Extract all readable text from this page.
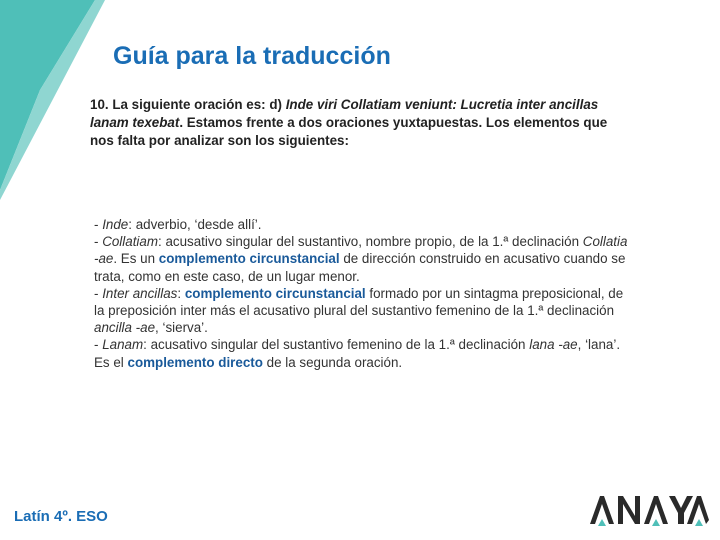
Guía para la traducción
10. La siguiente oración es: d) Inde viri Collatiam veniunt: Lucretia inter ancillas
lanam texebat. Estamos frente a dos oraciones yuxtapuestas. Los elementos que
nos falta por analizar son los siguientes:
- Inde: adverbio, ‘desde allí’.
- Collatiam: acusativo singular del sustantivo, nombre propio, de la 1.ª declinación Collatia
-ae. Es un complemento circunstancial de dirección construido en acusativo cuando se
trata, como en este caso, de un lugar menor.
- Inter ancillas: complemento circunstancial formado por un sintagma preposicional, de
la preposición inter más el acusativo plural del sustantivo femenino de la 1.ª declinación
ancilla -ae, ‘sierva’.
- Lanam: acusativo singular del sustantivo femenino de la 1.ª declinación lana -ae, ‘lana’.
Es el complemento directo de la segunda oración.
Latín 4º. ESO
